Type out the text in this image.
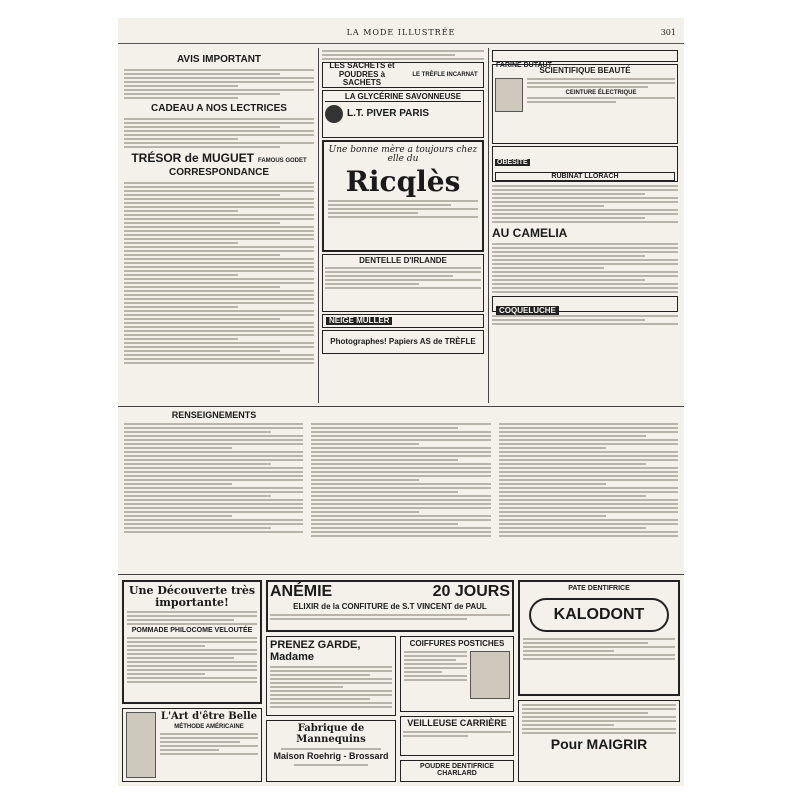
LA MODE ILLUSTRÉE	301
AVIS IMPORTANT
CADEAU A NOS LECTRICES
TRÉSOR de MUGUET FAMOUS GODET
CORRESPONDANCE
LES SACHETS et POUDRES à SACHETS
LE TRÈFLE INCARNAT
LA GLYCÉRINE SAVONNEUSE
L.T. PIVER PARIS
Une bonne mère a toujours chez elle du
Ricqlès
DENTELLE D'IRLANDE
NEIGE MULLER
Photographes! Papiers AS de TRÈFLE
FARINE DUTAUT
SCIENTIFIQUE BEAUTÉ
CEINTURE ÉLECTRIQUE
OBÉSITÉ
RUBINAT LLORACH
AU CAMELIA
COQUELUCHE
RENSEIGNEMENTS
Une Découverte très importante!
POMMADE PHILOCOME VELOUTÉE
L'Art d'être Belle
MÉTHODE AMÉRICAINE
ANÉMIE	20 JOURS
ELIXIR de la CONFITURE de S.T VINCENT de PAUL
PRENEZ GARDE, Madame
COIFFURES POSTICHES
Fabrique de Mannequins
Maison Roehrig - Brossard
VEILLEUSE CARRIÈRE
POUDRE DENTIFRICE CHARLARD
PATE DENTIFRICE
KALODONT
Pour MAIGRIR
